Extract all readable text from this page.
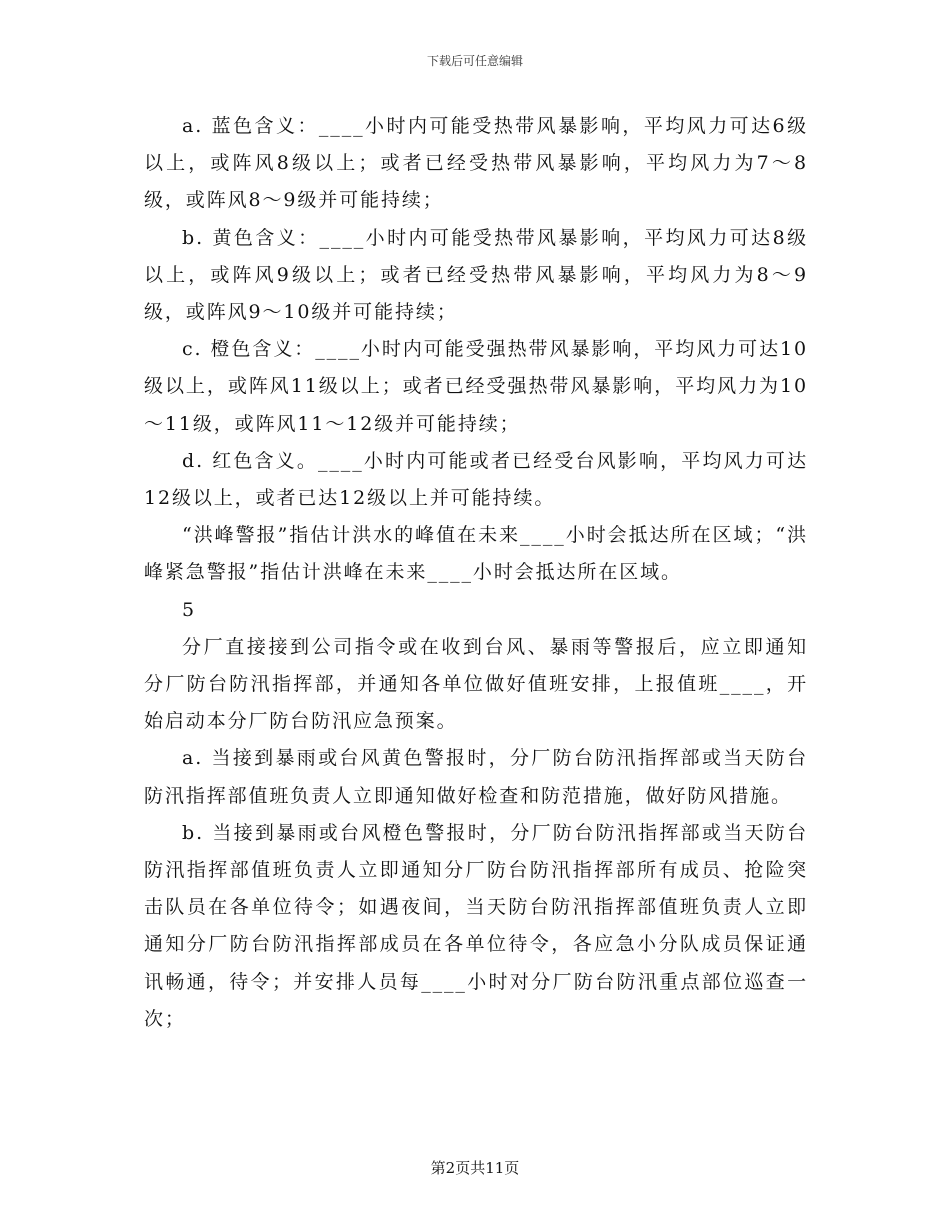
下载后可任意编辑

a. 蓝色含义：____小时内可能受热带风暴影响，平均风力可达6级以上，或阵风8级以上；或者已经受热带风暴影响，平均风力为7～8级，或阵风8～9级并可能持续；

b. 黄色含义：____小时内可能受热带风暴影响，平均风力可达8级以上，或阵风9级以上；或者已经受热带风暴影响，平均风力为8～9级，或阵风9～10级并可能持续；

c. 橙色含义：____小时内可能受强热带风暴影响，平均风力可达10级以上，或阵风11级以上；或者已经受强热带风暴影响，平均风力为10～11级，或阵风11～12级并可能持续；

d. 红色含义。____小时内可能或者已经受台风影响，平均风力可达12级以上，或者已达12级以上并可能持续。

“洪峰警报”指估计洪水的峰值在未来____小时会抵达所在区域；“洪峰紧急警报”指估计洪峰在未来____小时会抵达所在区域。

5

分厂直接接到公司指令或在收到台风、暴雨等警报后，应立即通知分厂防台防汛指挥部，并通知各单位做好值班安排，上报值班____，开始启动本分厂防台防汛应急预案。

a. 当接到暴雨或台风黄色警报时，分厂防台防汛指挥部或当天防台防汛指挥部值班负责人立即通知做好检查和防范措施，做好防风措施。

b. 当接到暴雨或台风橙色警报时，分厂防台防汛指挥部或当天防台防汛指挥部值班负责人立即通知分厂防台防汛指挥部所有成员、抢险突击队员在各单位待令；如遇夜间，当天防台防汛指挥部值班负责人立即通知分厂防台防汛指挥部成员在各单位待令，各应急小分队成员保证通讯畅通，待令；并安排人员每____小时对分厂防台防汛重点部位巡查一次；

第2页共11页
